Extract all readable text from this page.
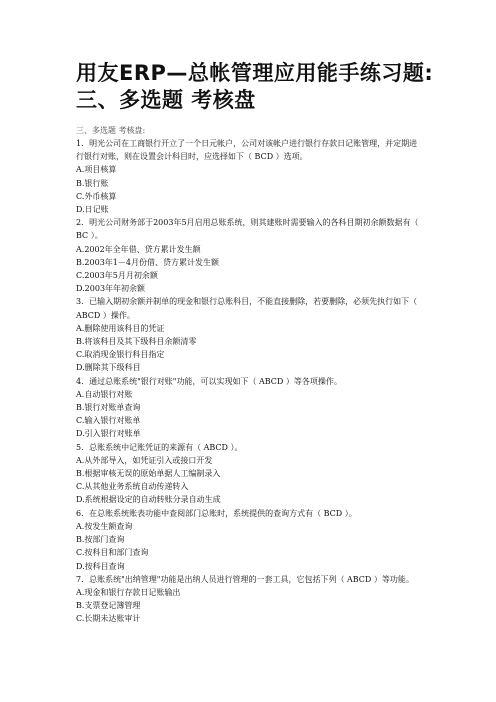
用友ERP—总帐管理应用能手练习题:
三、多选题 考核盘
三、多选题 考核盘:

1．明光公司在工商银行开立了一个日元帐户，公司对该帐户进行银行存款日记账管理，并定期进行银行对账，则在设置会计科目时，应选择如下（ BCD ）选项。

A.项目核算

B.银行账

C.外币核算

D.日记账

2．明光公司财务部于2003年5月启用总账系统，则其建账时需要输入的各科目期初余额数据有（ BC ）。

A.2002年全年借、贷方累计发生额

B.2003年1－4月份借、贷方累计发生额

C.2003年5月月初余额

D.2003年年初余额

3．已输入期初余额并制单的现金和银行总账科目，不能直接删除，若要删除，必须先执行如下（ ABCD ）操作。

A.删除使用该科目的凭证

B.将该科目及其下级科目余额清零

C.取消现金银行科目指定

D.删除其下级科目

4．通过总账系统"银行对账"功能，可以实现如下（ ABCD ）等各项操作。

A.自动银行对账

B.银行对账单查询

C.输入银行对账单

D.引入银行对账单

5．总账系统中记账凭证的来源有（ ABCD ）。

A.从外部导入，如凭证引入或接口开发

B.根据审核无误的原始单据人工编制录入

C.从其他业务系统自动传递转入

D.系统根据设定的自动转账分录自动生成

6．在总账系统账表功能中查阅部门总账时，系统提供的查询方式有（ BCD ）。

A.按发生额查询

B.按部门查询

C.按科目和部门查询

D.按科目查询

7．总账系统"出纳管理"功能是出纳人员进行管理的一套工具，它包括下列（ ABCD ）等功能。

A.现金和银行存款日记账输出

B.支票登记簿管理

C.长期未达账审计
